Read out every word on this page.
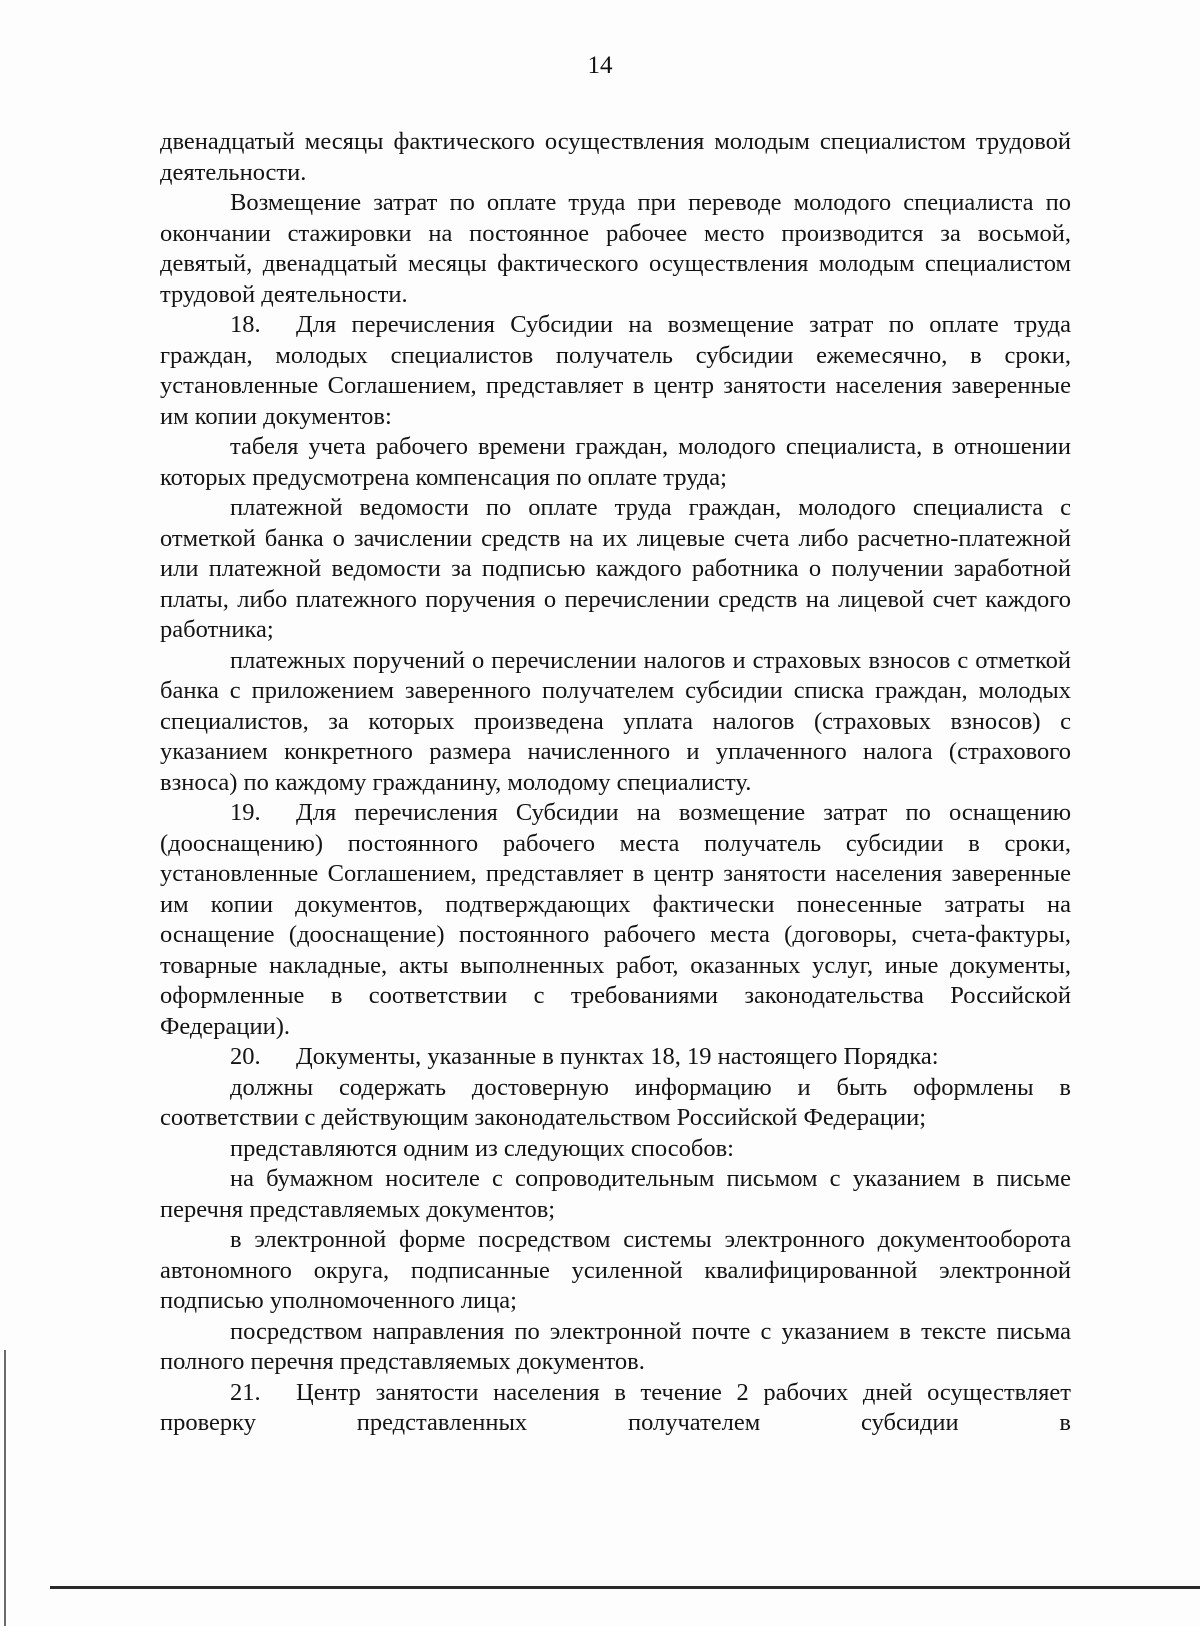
14

двенадцатый месяцы фактического осуществления молодым специалистом трудовой деятельности.

Возмещение затрат по оплате труда при переводе молодого специалиста по окончании стажировки на постоянное рабочее место производится за восьмой, девятый, двенадцатый месяцы фактического осуществления молодым специалистом трудовой деятельности.

18. Для перечисления Субсидии на возмещение затрат по оплате труда граждан, молодых специалистов получатель субсидии ежемесячно, в сроки, установленные Соглашением, представляет в центр занятости населения заверенные им копии документов:

табеля учета рабочего времени граждан, молодого специалиста, в отношении которых предусмотрена компенсация по оплате труда;

платежной ведомости по оплате труда граждан, молодого специалиста с отметкой банка о зачислении средств на их лицевые счета либо расчетно-платежной или платежной ведомости за подписью каждого работника о получении заработной платы, либо платежного поручения о перечислении средств на лицевой счет каждого работника;

платежных поручений о перечислении налогов и страховых взносов с отметкой банка с приложением заверенного получателем субсидии списка граждан, молодых специалистов, за которых произведена уплата налогов (страховых взносов) с указанием конкретного размера начисленного и уплаченного налога (страхового взноса) по каждому гражданину, молодому специалисту.

19. Для перечисления Субсидии на возмещение затрат по оснащению (дооснащению) постоянного рабочего места получатель субсидии в сроки, установленные Соглашением, представляет в центр занятости населения заверенные им копии документов, подтверждающих фактически понесенные затраты на оснащение (дооснащение) постоянного рабочего места (договоры, счета-фактуры, товарные накладные, акты выполненных работ, оказанных услуг, иные документы, оформленные в соответствии с требованиями законодательства Российской Федерации).

20. Документы, указанные в пунктах 18, 19 настоящего Порядка:

должны содержать достоверную информацию и быть оформлены в соответствии с действующим законодательством Российской Федерации;

представляются одним из следующих способов:

на бумажном носителе с сопроводительным письмом с указанием в письме перечня представляемых документов;

в электронной форме посредством системы электронного документооборота автономного округа, подписанные усиленной квалифицированной электронной подписью уполномоченного лица;

посредством направления по электронной почте с указанием в тексте письма полного перечня представляемых документов.

21. Центр занятости населения в течение 2 рабочих дней осуществляет проверку представленных получателем субсидии в
